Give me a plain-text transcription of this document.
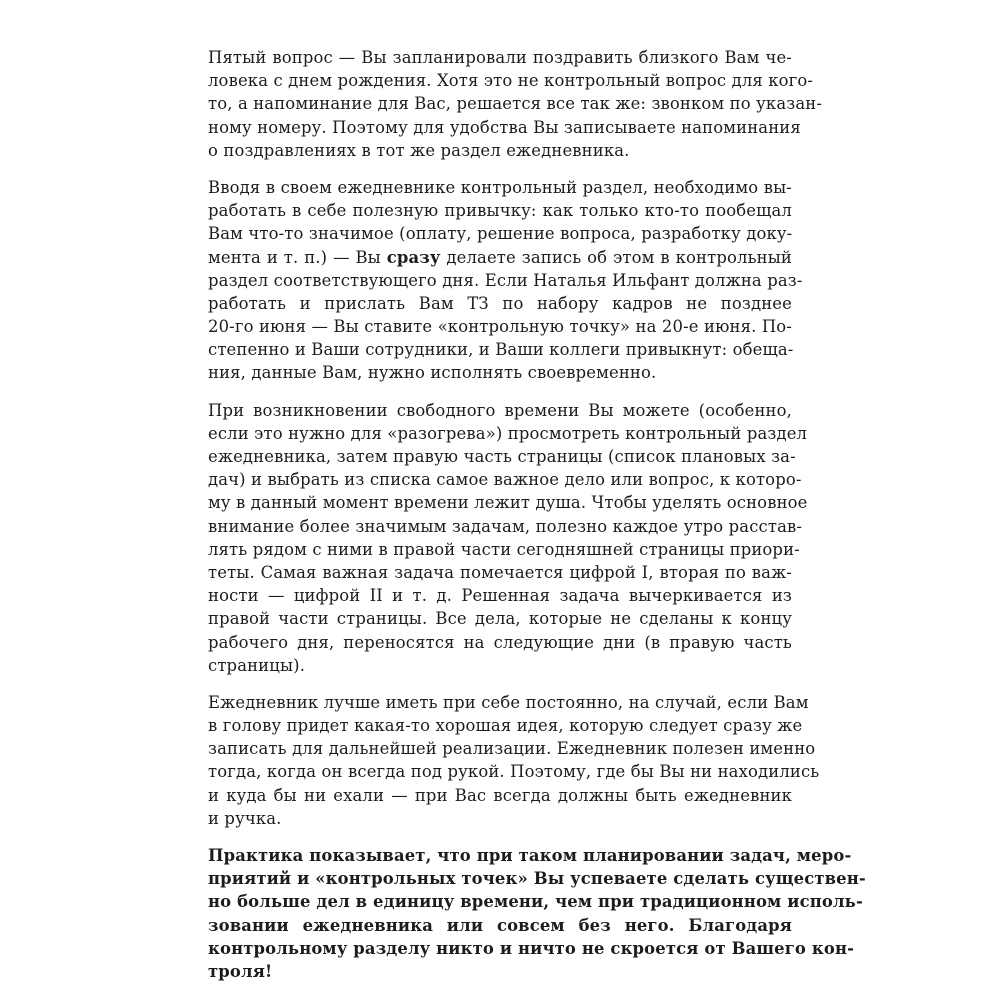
Пятый вопрос — Вы запланировали поздравить близкого Вам че-
ловека с днем рождения. Хотя это не контрольный вопрос для кого-
то, а напоминание для Вас, решается все так же: звонком по указан-
ному номеру. Поэтому для удобства Вы записываете напоминания
о поздравлениях в тот же раздел ежедневника.
Вводя в своем ежедневнике контрольный раздел, необходимо вы-
работать в себе полезную привычку: как только кто-то пообещал
Вам что-то значимое (оплату, решение вопроса, разработку доку-
мента и т. п.) — Вы сразу делаете запись об этом в контрольный
раздел соответствующего дня. Если Наталья Ильфант должна раз-
работать и прислать Вам ТЗ по набору кадров не позднее
20-го июня — Вы ставите «контрольную точку» на 20-е июня. По-
степенно и Ваши сотрудники, и Ваши коллеги привыкнут: обеща-
ния, данные Вам, нужно исполнять своевременно.
При возникновении свободного времени Вы можете (особенно,
если это нужно для «разогрева») просмотреть контрольный раздел
ежедневника, затем правую часть страницы (список плановых за-
дач) и выбрать из списка самое важное дело или вопрос, к которо-
му в данный момент времени лежит душа. Чтобы уделять основное
внимание более значимым задачам, полезно каждое утро расстав-
лять рядом с ними в правой части сегодняшней страницы приори-
теты. Самая важная задача помечается цифрой I, вторая по важ-
ности — цифрой II и т. д. Решенная задача вычеркивается из
правой части страницы. Все дела, которые не сделаны к концу
рабочего дня, переносятся на следующие дни (в правую часть
страницы).
Ежедневник лучше иметь при себе постоянно, на случай, если Вам
в голову придет какая-то хорошая идея, которую следует сразу же
записать для дальнейшей реализации. Ежедневник полезен именно
тогда, когда он всегда под рукой. Поэтому, где бы Вы ни находились
и куда бы ни ехали — при Вас всегда должны быть ежедневник
и ручка.
Практика показывает, что при таком планировании задач, меро-
приятий и «контрольных точек» Вы успеваете сделать существен-
но больше дел в единицу времени, чем при традиционном исполь-
зовании ежедневника или совсем без него. Благодаря
контрольному разделу никто и ничто не скроется от Вашего кон-
троля!
